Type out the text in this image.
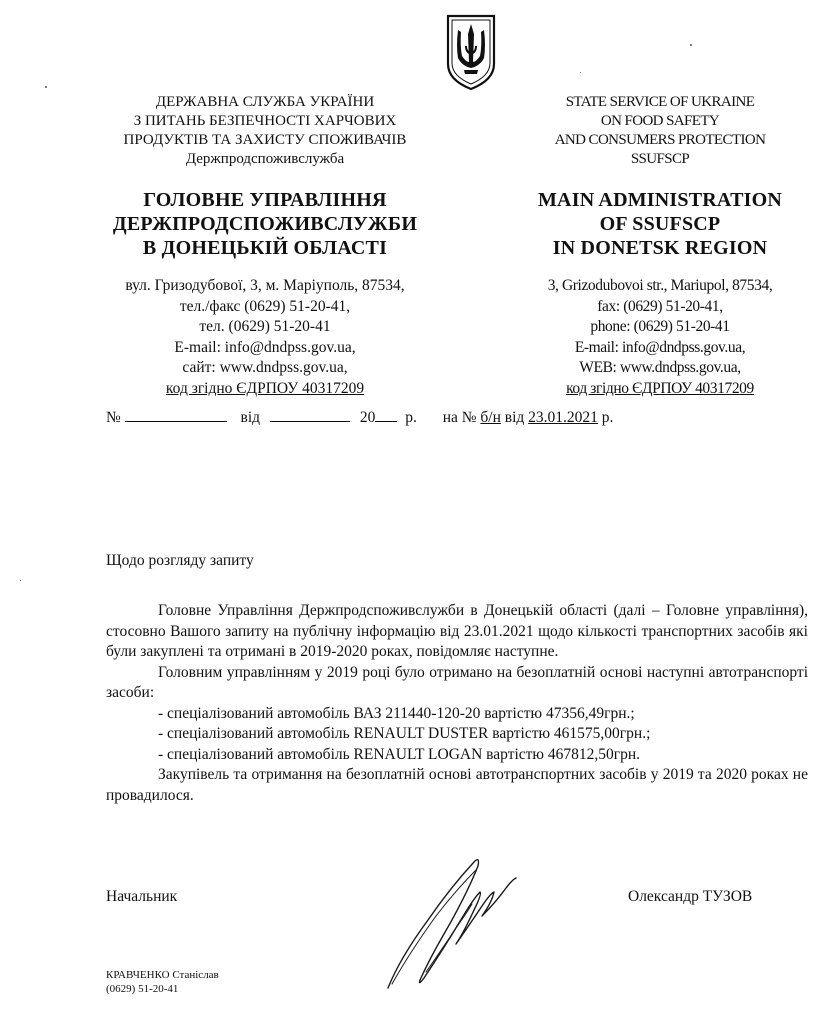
ДЕРЖАВНА СЛУЖБА УКРАЇНИ
З ПИТАНЬ БЕЗПЕЧНОСТІ ХАРЧОВИХ
ПРОДУКТІВ ТА ЗАХИСТУ СПОЖИВАЧІВ
Держпродспоживслужба
ГОЛОВНЕ УПРАВЛІННЯ
ДЕРЖПРОДСПОЖИВСЛУЖБИ
В ДОНЕЦЬКІЙ ОБЛАСТІ
вул. Гризодубової, 3, м. Маріуполь, 87534,
тел./факс (0629) 51-20-41,
тел. (0629) 51-20-41
E-mail: info@dndpss.gov.ua,
сайт: www.dndpss.gov.ua,
код згідно ЄДРПОУ 40317209
STATE SERVICE OF UKRAINE
ON FOOD SAFETY
AND CONSUMERS PROTECTION
SSUFSCP
MAIN ADMINISTRATION
OF SSUFSCP
IN DONETSK REGION
3, Grizodubovoi str., Mariupol, 87534,
fax: (0629) 51-20-41,
phone: (0629) 51-20-41
E-mail: info@dndpss.gov.ua,
WEB: www.dndpss.gov.ua,
код згідно ЄДРПОУ 40317209
№	від	20 р. на № б/н від 23.01.2021 р.
Щодо розгляду запиту
Головне Управління Держпродспоживслужби в Донецькій області (далі – Головне управління), стосовно Вашого запиту на публічну інформацію від 23.01.2021 щодо кількості транспортних засобів які були закуплені та отримані в 2019-2020 роках, повідомляє наступне.
Головним управлінням у 2019 році було отримано на безоплатній основі наступні автотранспорті засоби:
- спеціалізований автомобіль ВАЗ 211440-120-20 вартістю 47356,49грн.;
- спеціалізований автомобіль RENAULT DUSTER вартістю 461575,00грн.;
- спеціалізований автомобіль RENAULT LOGAN вартістю 467812,50грн.
Закупівель та отримання на безоплатній основі автотранспортних засобів у 2019 та 2020 роках не провадилося.
Начальник	Олександр ТУЗОВ
КРАВЧЕНКО Станіслав
(0629) 51-20-41
